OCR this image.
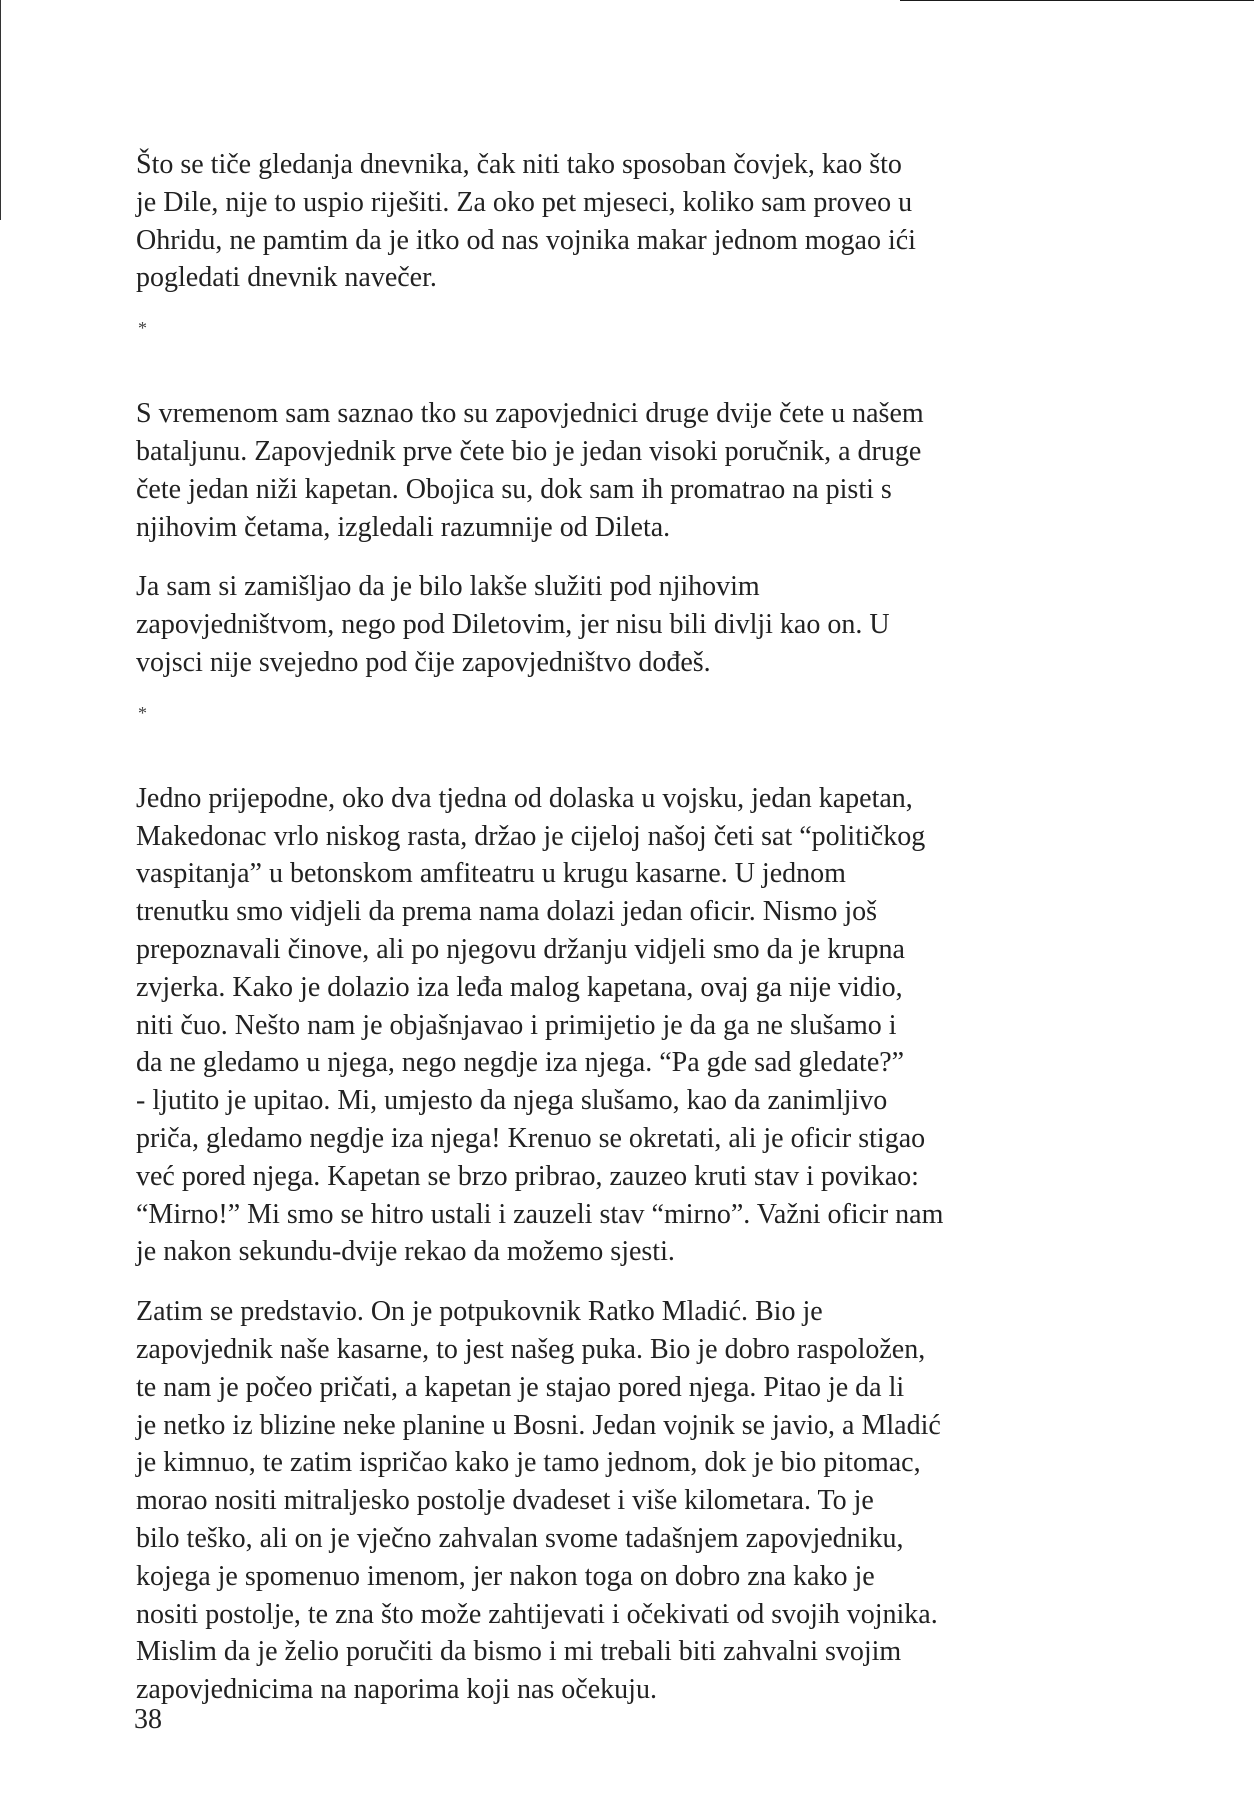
Što se tiče gledanja dnevnika, čak niti tako sposoban čovjek, kao što
je Dile, nije to uspio riješiti. Za oko pet mjeseci, koliko sam proveo u
Ohridu, ne pamtim da je itko od nas vojnika makar jednom mogao ići
pogledati dnevnik navečer.

*

S vremenom sam saznao tko su zapovjednici druge dvije čete u našem
bataljunu. Zapovjednik prve čete bio je jedan visoki poručnik, a druge
čete jedan niži kapetan. Obojica su, dok sam ih promatrao na pisti s
njihovim četama, izgledali razumnije od Dileta.

Ja sam si zamišljao da je bilo lakše služiti pod njihovim
zapovjedništvom, nego pod Diletovim, jer nisu bili divlji kao on. U
vojsci nije svejedno pod čije zapovjedništvo dođeš.

*

Jedno prijepodne, oko dva tjedna od dolaska u vojsku, jedan kapetan,
Makedonac vrlo niskog rasta, držao je cijeloj našoj četi sat “političkog
vaspitanja” u betonskom amfiteatru u krugu kasarne. U jednom
trenutku smo vidjeli da prema nama dolazi jedan oficir. Nismo još
prepoznavali činove, ali po njegovu držanju vidjeli smo da je krupna
zvjerka. Kako je dolazio iza leđa malog kapetana, ovaj ga nije vidio,
niti čuo. Nešto nam je objašnjavao i primijetio je da ga ne slušamo i
da ne gledamo u njega, nego negdje iza njega. “Pa gde sad gledate?”
- ljutito je upitao. Mi, umjesto da njega slušamo, kao da zanimljivo
priča, gledamo negdje iza njega! Krenuo se okretati, ali je oficir stigao
već pored njega. Kapetan se brzo pribrao, zauzeo kruti stav i povikao:
“Mirno!” Mi smo se hitro ustali i zauzeli stav “mirno”. Važni oficir nam
je nakon sekundu-dvije rekao da možemo sjesti.

Zatim se predstavio. On je potpukovnik Ratko Mladić. Bio je
zapovjednik naše kasarne, to jest našeg puka. Bio je dobro raspoložen,
te nam je počeo pričati, a kapetan je stajao pored njega. Pitao je da li
je netko iz blizine neke planine u Bosni. Jedan vojnik se javio, a Mladić
je kimnuo, te zatim ispričao kako je tamo jednom, dok je bio pitomac,
morao nositi mitraljesko postolje dvadeset i više kilometara. To je
bilo teško, ali on je vječno zahvalan svome tadašnjem zapovjedniku,
kojega je spomenuo imenom, jer nakon toga on dobro zna kako je
nositi postolje, te zna što može zahtijevati i očekivati od svojih vojnika.
Mislim da je želio poručiti da bismo i mi trebali biti zahvalni svojim
zapovjednicima na naporima koji nas očekuju.

38
